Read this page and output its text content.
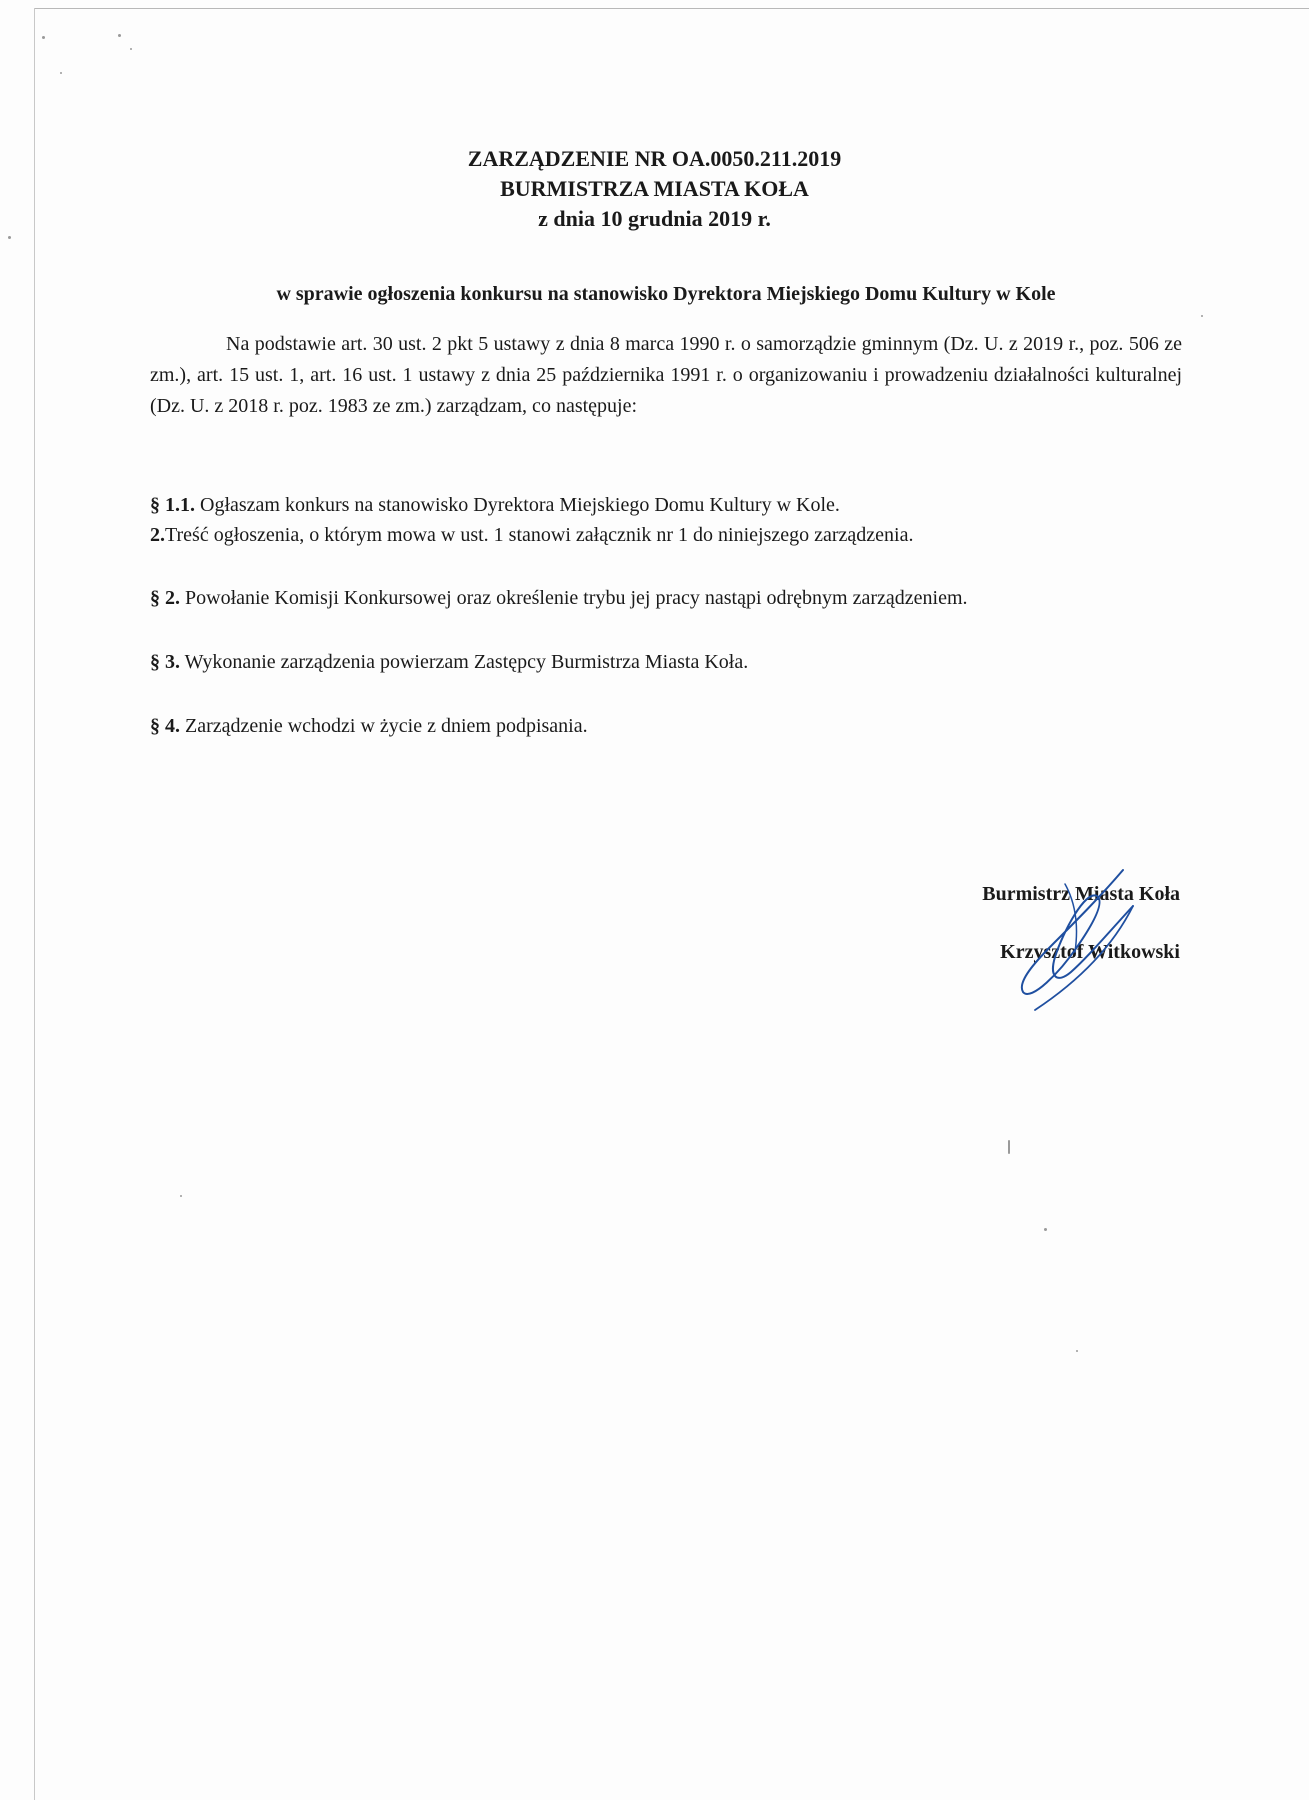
ZARZĄDZENIE NR OA.0050.211.2019
BURMISTRZA MIASTA KOŁA
z dnia 10 grudnia 2019 r.
w sprawie ogłoszenia konkursu na stanowisko Dyrektora Miejskiego Domu Kultury w Kole
Na podstawie art. 30 ust. 2 pkt 5 ustawy z dnia 8 marca 1990 r. o samorządzie gminnym (Dz. U. z 2019 r., poz. 506 ze zm.), art. 15 ust. 1, art. 16 ust. 1 ustawy z dnia 25 października 1991 r. o organizowaniu i prowadzeniu działalności kulturalnej (Dz. U. z 2018 r. poz. 1983 ze zm.) zarządzam, co następuje:
§ 1.1. Ogłaszam konkurs na stanowisko Dyrektora Miejskiego Domu Kultury w Kole.
2.Treść ogłoszenia, o którym mowa w ust. 1 stanowi załącznik nr 1 do niniejszego zarządzenia.
§ 2. Powołanie Komisji Konkursowej oraz określenie trybu jej pracy nastąpi odrębnym zarządzeniem.
§ 3. Wykonanie zarządzenia powierzam Zastępcy Burmistrza Miasta Koła.
§ 4. Zarządzenie wchodzi w życie z dniem podpisania.
Burmistrz Miasta Koła
Krzysztof Witkowski
